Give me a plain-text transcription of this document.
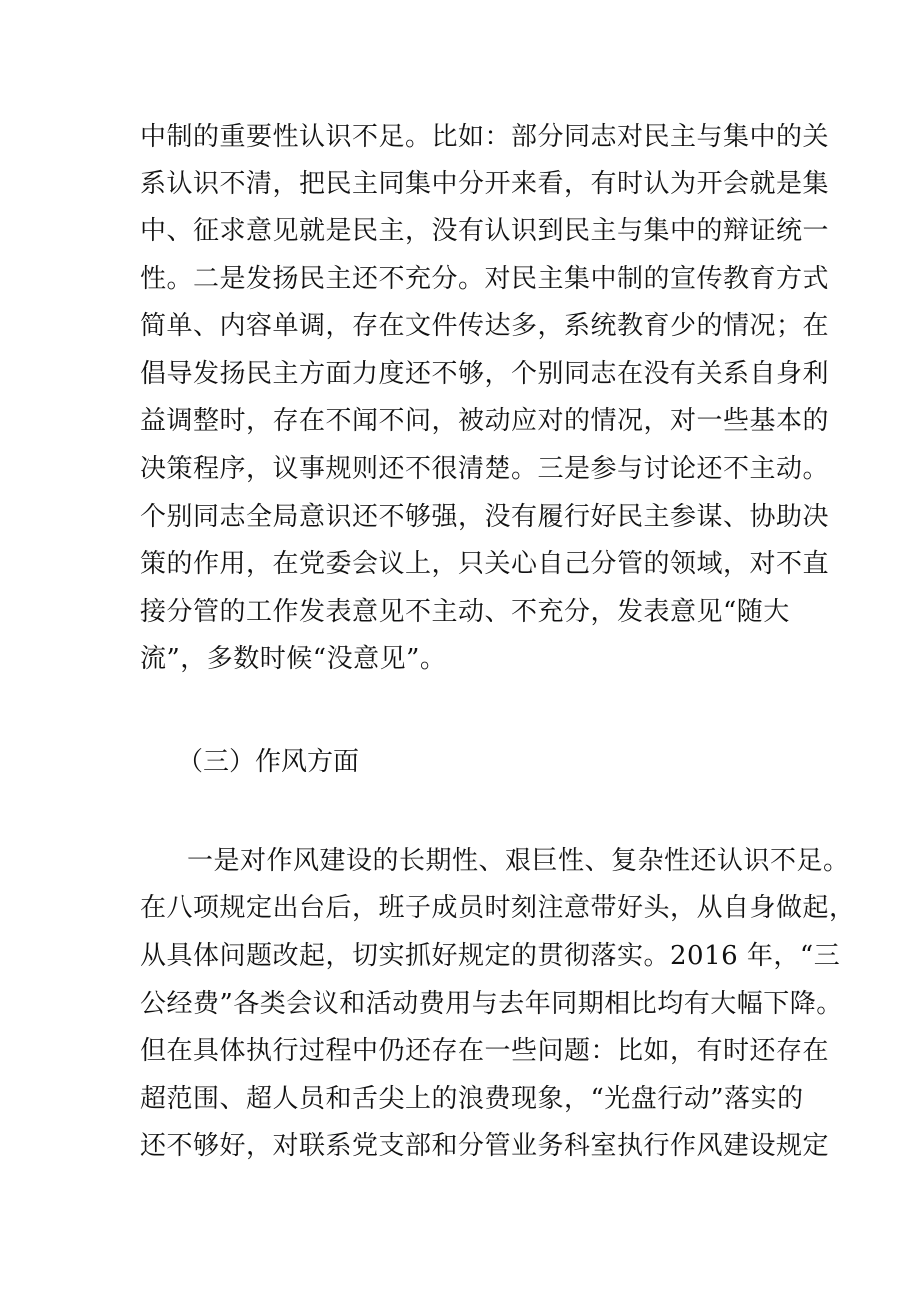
中制的重要性认识不足。比如：部分同志对民主与集中的关
系认识不清，把民主同集中分开来看，有时认为开会就是集
中、征求意见就是民主，没有认识到民主与集中的辩证统一
性。二是发扬民主还不充分。对民主集中制的宣传教育方式
简单、内容单调，存在文件传达多，系统教育少的情况；在
倡导发扬民主方面力度还不够，个别同志在没有关系自身利
益调整时，存在不闻不问，被动应对的情况，对一些基本的
决策程序，议事规则还不很清楚。三是参与讨论还不主动。
个别同志全局意识还不够强，没有履行好民主参谋、协助决
策的作用，在党委会议上，只关心自己分管的领域，对不直
接分管的工作发表意见不主动、不充分，发表意见“随大
流”，多数时候“没意见”。
（三）作风方面
一是对作风建设的长期性、艰巨性、复杂性还认识不足。
在八项规定出台后，班子成员时刻注意带好头，从自身做起，
从具体问题改起，切实抓好规定的贯彻落实。2016 年，“三
公经费”各类会议和活动费用与去年同期相比均有大幅下降。
但在具体执行过程中仍还存在一些问题：比如，有时还存在
超范围、超人员和舌尖上的浪费现象，“光盘行动”落实的
还不够好，对联系党支部和分管业务科室执行作风建设规定
